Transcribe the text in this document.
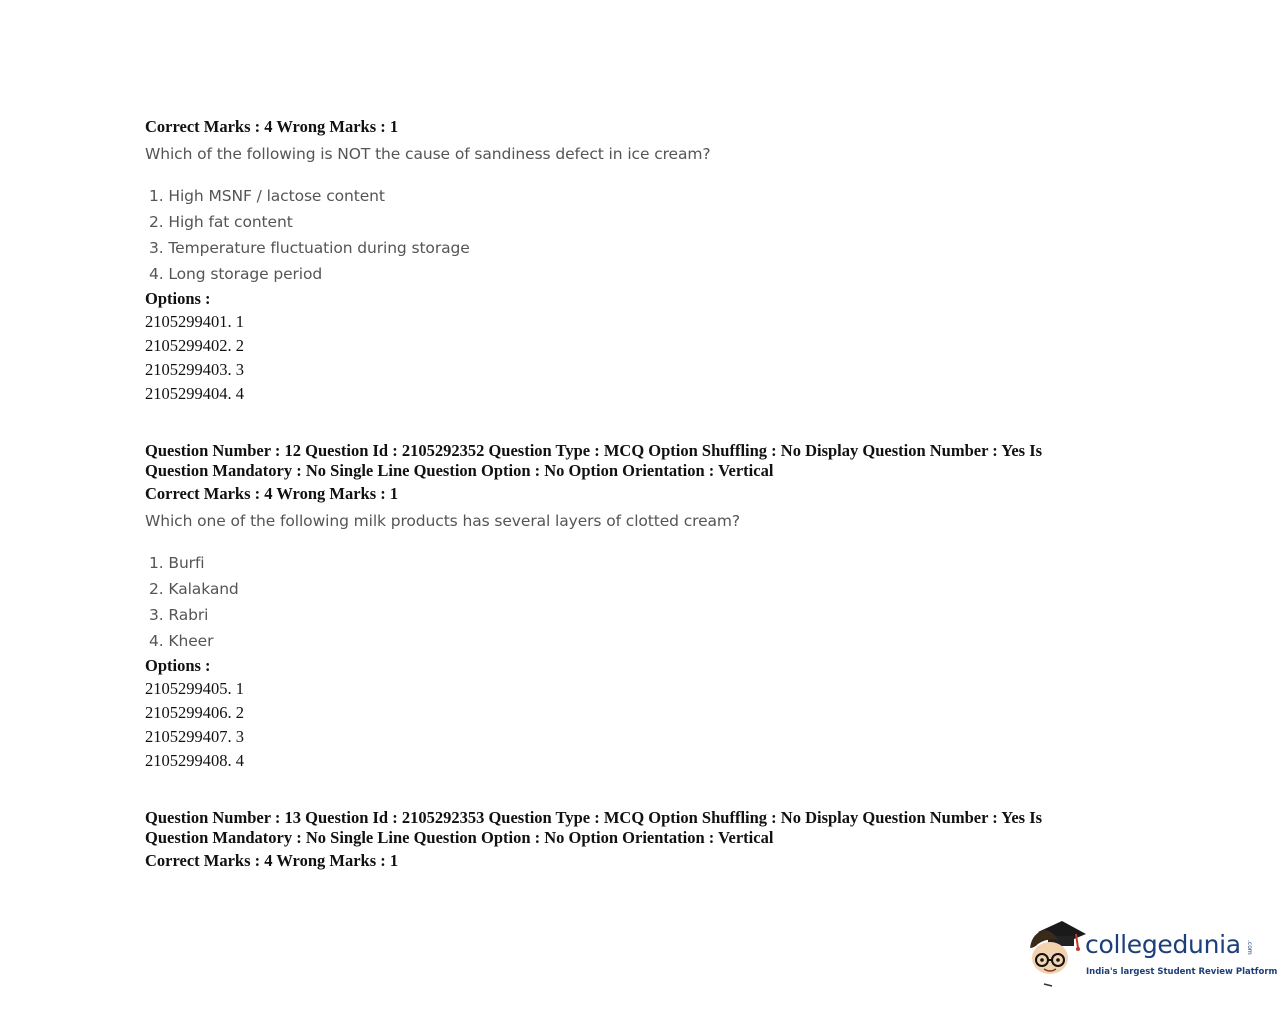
Correct Marks : 4 Wrong Marks : 1

Which of the following is NOT the cause of sandiness defect in ice cream?

1. High MSNF / lactose content
2. High fat content
3. Temperature fluctuation during storage
4. Long storage period

Options :

2105299401. 1

2105299402. 2

2105299403. 3

2105299404. 4

Question Number : 12 Question Id : 2105292352 Question Type : MCQ Option Shuffling : No Display Question Number : Yes Is Question Mandatory : No Single Line Question Option : No Option Orientation : Vertical

Correct Marks : 4 Wrong Marks : 1

Which one of the following milk products has several layers of clotted cream?

1. Burfi
2. Kalakand
3. Rabri
4. Kheer

Options :

2105299405. 1

2105299406. 2

2105299407. 3

2105299408. 4

Question Number : 13 Question Id : 2105292353 Question Type : MCQ Option Shuffling : No Display Question Number : Yes Is Question Mandatory : No Single Line Question Option : No Option Orientation : Vertical

Correct Marks : 4 Wrong Marks : 1

collegedunia .com
India's largest Student Review Platform
